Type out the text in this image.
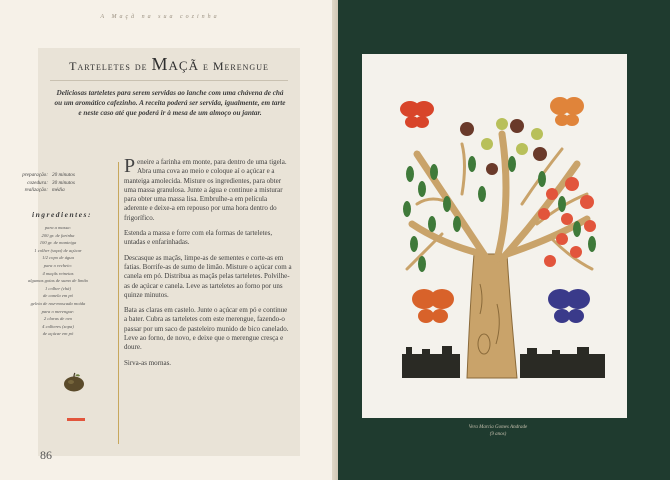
A Maçã na sua cozinha
Tarteletes de Maçã e Merengue
Deliciosas tarteletes para serem servidas ao lanche com uma chávena de chá ou um aromático cafezinho. A receita poderá ser servida, igualmente, em tarte e neste caso até que poderá ir à mesa de um almoço ou jantar.
preparação: 20 minutos
cozedura: 30 minutos
realização: média
ingredientes:
para a massa:
200 gr. de farinha
100 gr. de manteiga
1 colher (sopa) de açúcar
1/2 copo de água
para o recheio:
4 maçãs reinetas
algumas gotas de sumo de limão
1 colher (chá)
de canela em pó
geleia de noz-moscada moída
para o merengue:
2 claras de ovo
4 colheres (sopa)
de açúcar em pó
86

Peneire a farinha em monte, para dentro de uma tigela. Abra uma cova ao meio e coloque aí o açúcar e a manteiga amolecida. Misture os ingredientes, para obter uma massa granulosa. Junte a água e continue a misturar para obter uma massa lisa. Embrulhe-a em película aderente e deixe-a em repouso por uma hora dentro do frigorífico.

Estenda a massa e forre com ela formas de tarteletes, untadas e enfarinhadas.

Descasque as maçãs, limpe-as de sementes e corte-as em fatias. Borrife-as de sumo de limão. Misture o açúcar com a canela em pó. Distribua as maçãs pelas tarteletes. Polvilhe-as de açúcar e canela. Leve as tarteletes ao forno por uns quinze minutos.

Bata as claras em castelo. Junte o açúcar em pó e continue a bater. Cubra as tarteletes com este merengue, fazendo-o passar por um saco de pasteleiro munido de bico canelado. Leve ao forno, de novo, e deixe que o merengue cresça e doure.

Sirva-as mornas.

Vera Marcia Gomes Andrade
(9 anos)
